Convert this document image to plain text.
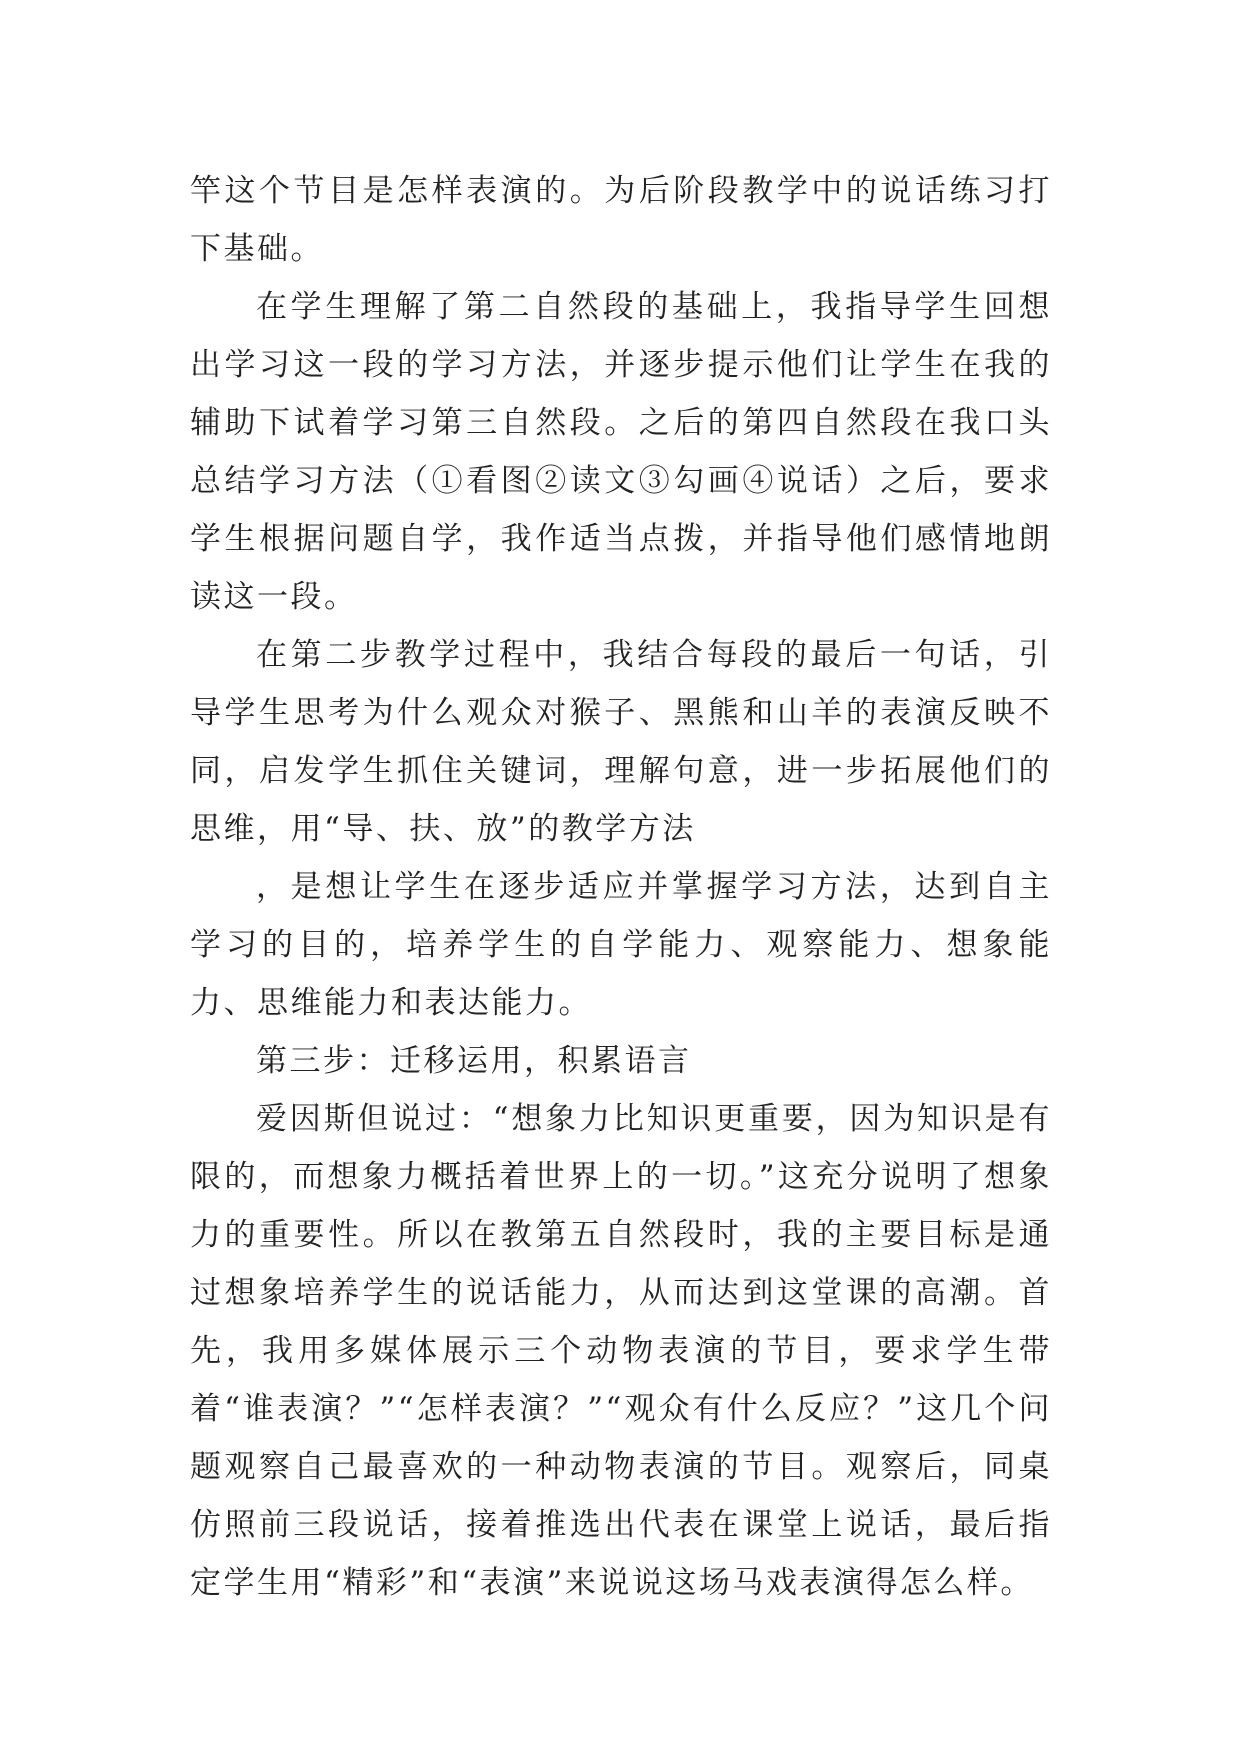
竿这个节目是怎样表演的。为后阶段教学中的说话练习打下基础。

在学生理解了第二自然段的基础上，我指导学生回想出学习这一段的学习方法，并逐步提示他们让学生在我的辅助下试着学习第三自然段。之后的第四自然段在我口头总结学习方法（①看图②读文③勾画④说话）之后，要求学生根据问题自学，我作适当点拨，并指导他们感情地朗读这一段。

在第二步教学过程中，我结合每段的最后一句话，引导学生思考为什么观众对猴子、黑熊和山羊的表演反映不同，启发学生抓住关键词，理解句意，进一步拓展他们的思维，用“导、扶、放”的教学方法

，是想让学生在逐步适应并掌握学习方法，达到自主学习的目的，培养学生的自学能力、观察能力、想象能力、思维能力和表达能力。

第三步：迁移运用，积累语言

爱因斯但说过：“想象力比知识更重要，因为知识是有限的，而想象力概括着世界上的一切。”这充分说明了想象力的重要性。所以在教第五自然段时，我的主要目标是通过想象培养学生的说话能力，从而达到这堂课的高潮。首先，我用多媒体展示三个动物表演的节目，要求学生带着“谁表演？”“怎样表演？”“观众有什么反应？”这几个问题观察自己最喜欢的一种动物表演的节目。观察后，同桌仿照前三段说话，接着推选出代表在课堂上说话，最后指定学生用“精彩”和“表演”来说说这场马戏表演得怎么样。
